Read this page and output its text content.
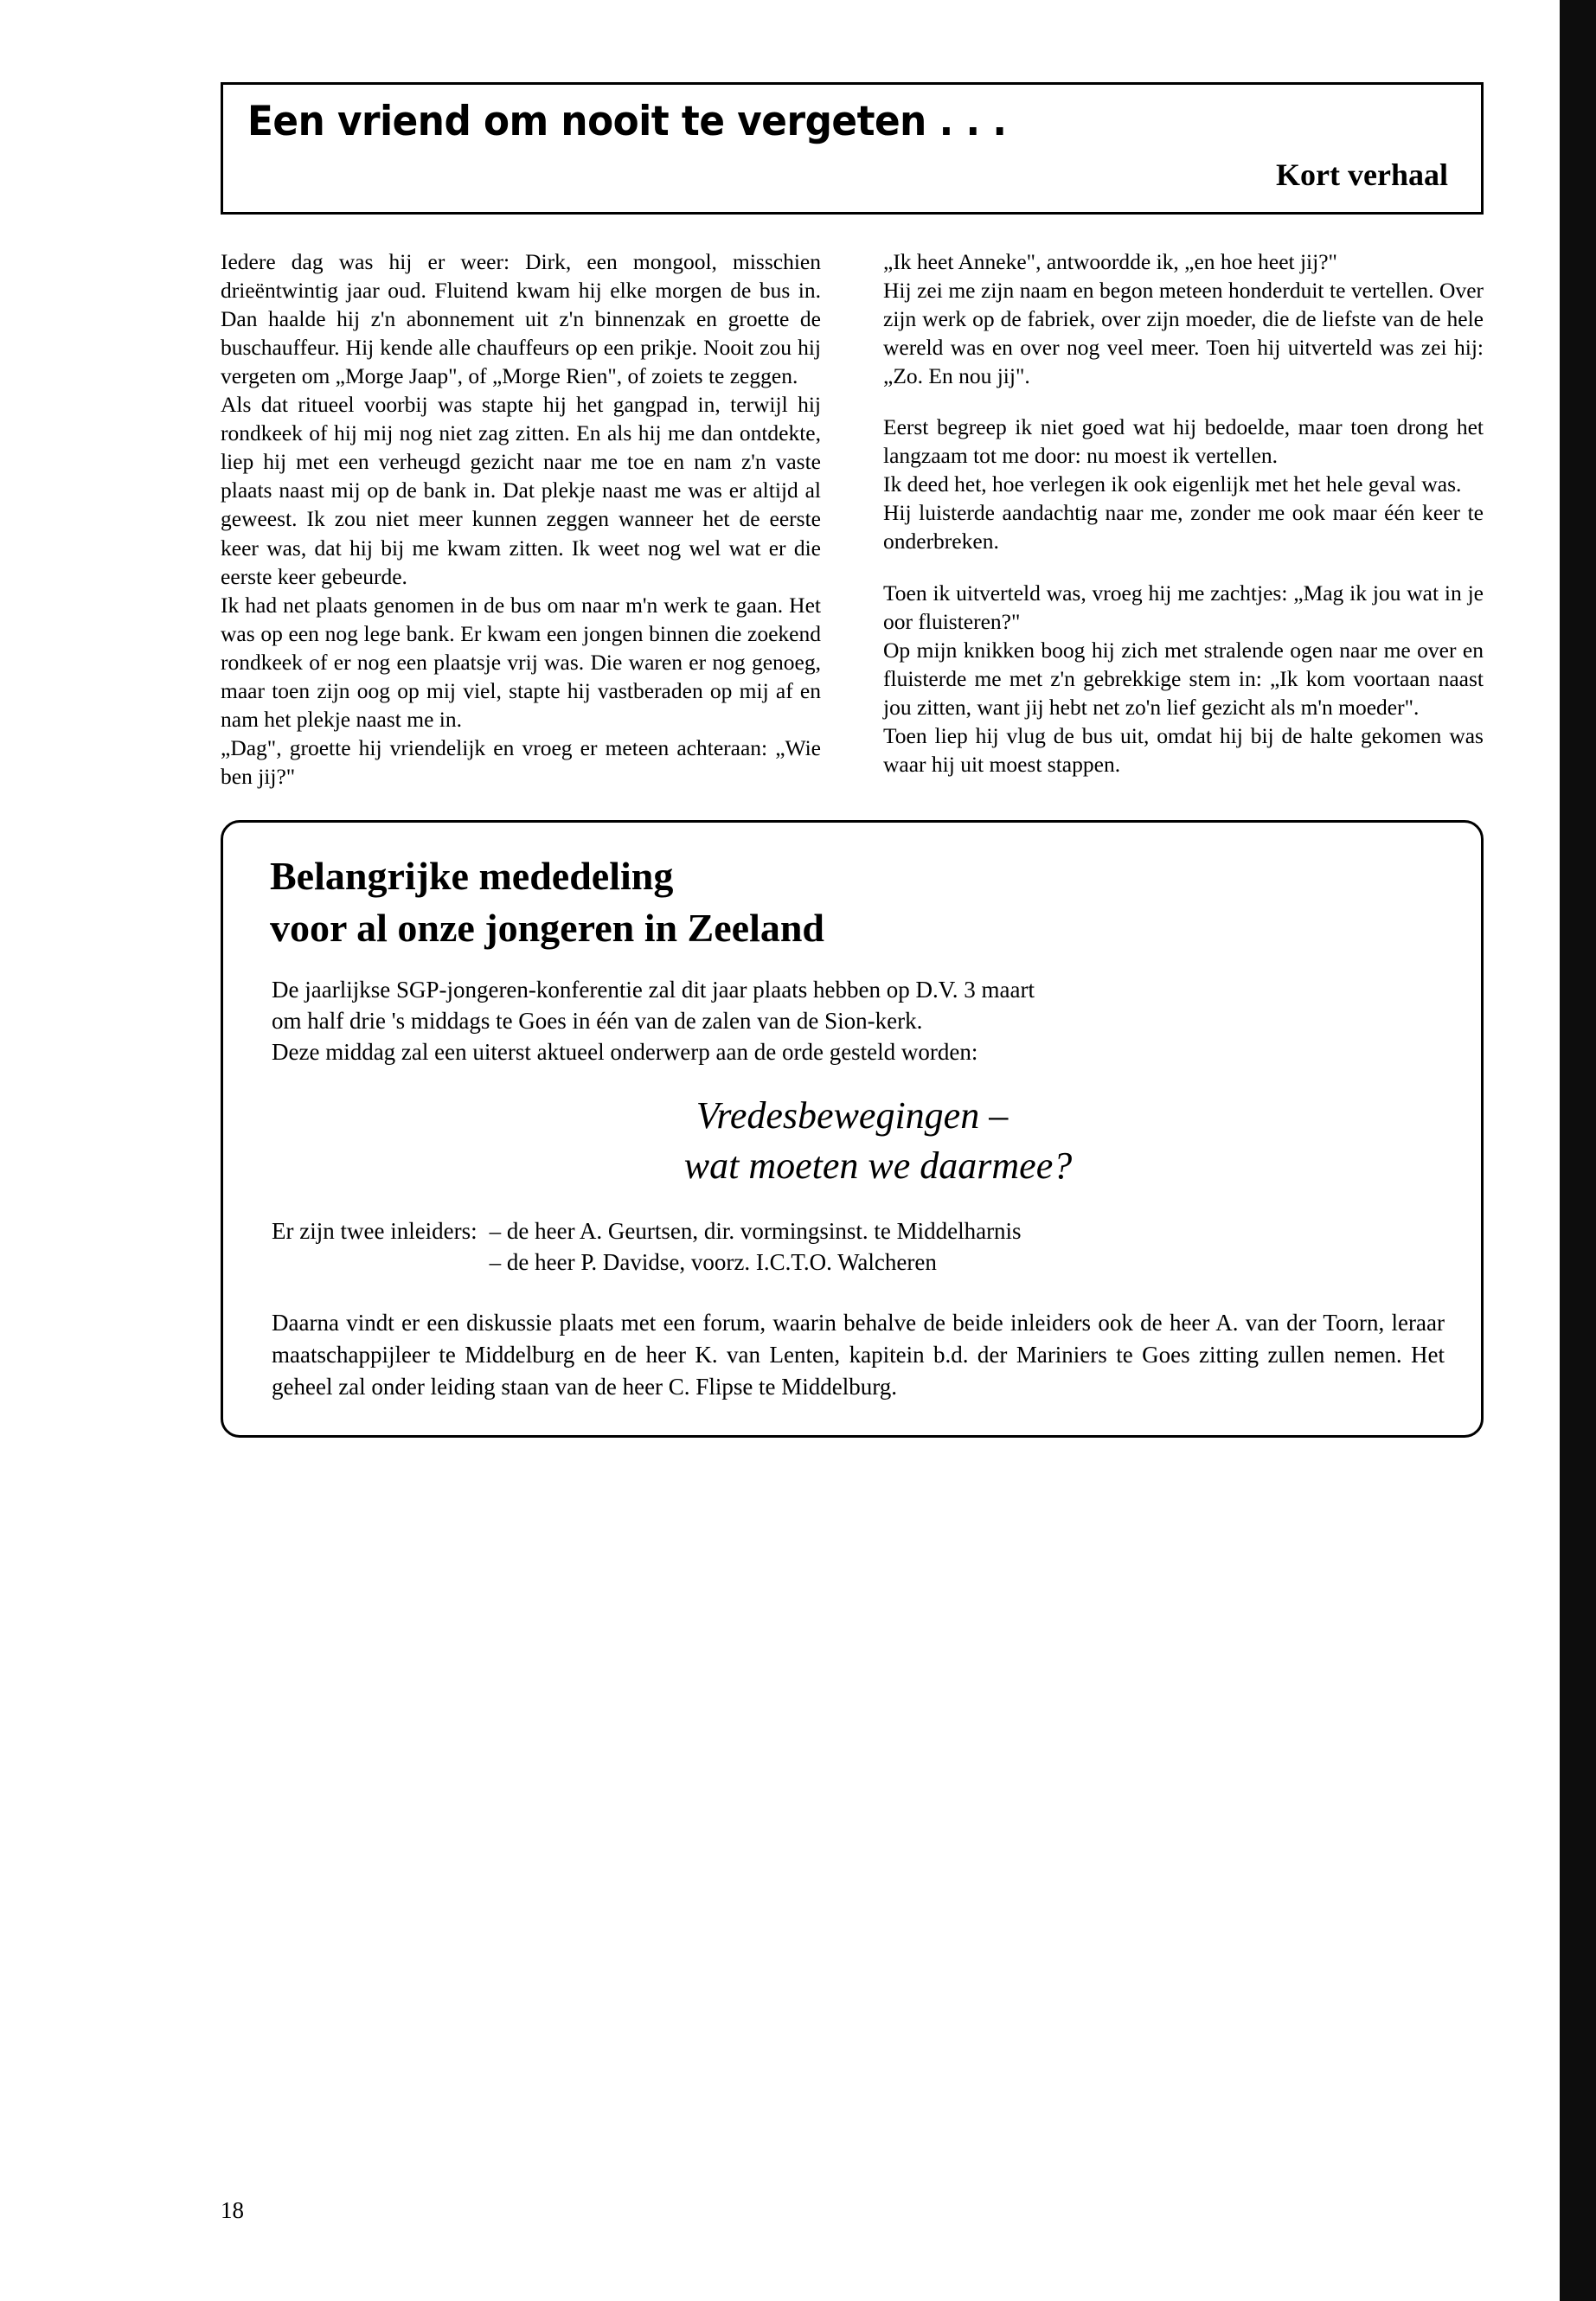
Een vriend om nooit te vergeten . . .
Kort verhaal

Iedere dag was hij er weer: Dirk, een mongool, misschien drieëntwintig jaar oud. Fluitend kwam hij elke morgen de bus in. Dan haalde hij z'n abonnement uit z'n binnenzak en groette de buschauffeur. Hij kende alle chauffeurs op een prikje. Nooit zou hij vergeten om „Morge Jaap", of „Morge Rien", of zoiets te zeggen.

Als dat ritueel voorbij was stapte hij het gangpad in, terwijl hij rondkeek of hij mij nog niet zag zitten. En als hij me dan ontdekte, liep hij met een verheugd gezicht naar me toe en nam z'n vaste plaats naast mij op de bank in. Dat plekje naast me was er altijd al geweest. Ik zou niet meer kunnen zeggen wanneer het de eerste keer was, dat hij bij me kwam zitten. Ik weet nog wel wat er die eerste keer gebeurde.

Ik had net plaats genomen in de bus om naar m'n werk te gaan. Het was op een nog lege bank. Er kwam een jongen binnen die zoekend rondkeek of er nog een plaatsje vrij was. Die waren er nog genoeg, maar toen zijn oog op mij viel, stapte hij vastberaden op mij af en nam het plekje naast me in.

„Dag", groette hij vriendelijk en vroeg er meteen achteraan: „Wie ben jij?"

„Ik heet Anneke", antwoordde ik, „en hoe heet jij?"

Hij zei me zijn naam en begon meteen honderduit te vertellen. Over zijn werk op de fabriek, over zijn moeder, die de liefste van de hele wereld was en over nog veel meer. Toen hij uitverteld was zei hij: „Zo. En nou jij".

Eerst begreep ik niet goed wat hij bedoelde, maar toen drong het langzaam tot me door: nu moest ik vertellen.

Ik deed het, hoe verlegen ik ook eigenlijk met het hele geval was.

Hij luisterde aandachtig naar me, zonder me ook maar één keer te onderbreken.

Toen ik uitverteld was, vroeg hij me zachtjes: „Mag ik jou wat in je oor fluisteren?"

Op mijn knikken boog hij zich met stralende ogen naar me over en fluisterde me met z'n gebrekkige stem in: „Ik kom voortaan naast jou zitten, want jij hebt net zo'n lief gezicht als m'n moeder".

Toen liep hij vlug de bus uit, omdat hij bij de halte gekomen was waar hij uit moest stappen.

Belangrijke mededeling
voor al onze jongeren in Zeeland

De jaarlijkse SGP-jongeren-konferentie zal dit jaar plaats hebben op D.V. 3 maart

om half drie 's middags te Goes in één van de zalen van de Sion-kerk.

Deze middag zal een uiterst aktueel onderwerp aan de orde gesteld worden:

Vredesbewegingen –
wat moeten we daarmee?
Er zijn twee inleiders: – de heer A. Geurtsen, dir. vormingsinst. te Middelharnis
– de heer P. Davidse, voorz. I.C.T.O. Walcheren
Daarna vindt er een diskussie plaats met een forum, waarin behalve de beide inleiders ook de heer A. van der Toorn, leraar maatschappijleer te Middelburg en de heer K. van Lenten, kapitein b.d. der Mariniers te Goes zitting zullen nemen. Het geheel zal onder leiding staan van de heer C. Flipse te Middelburg.
18
